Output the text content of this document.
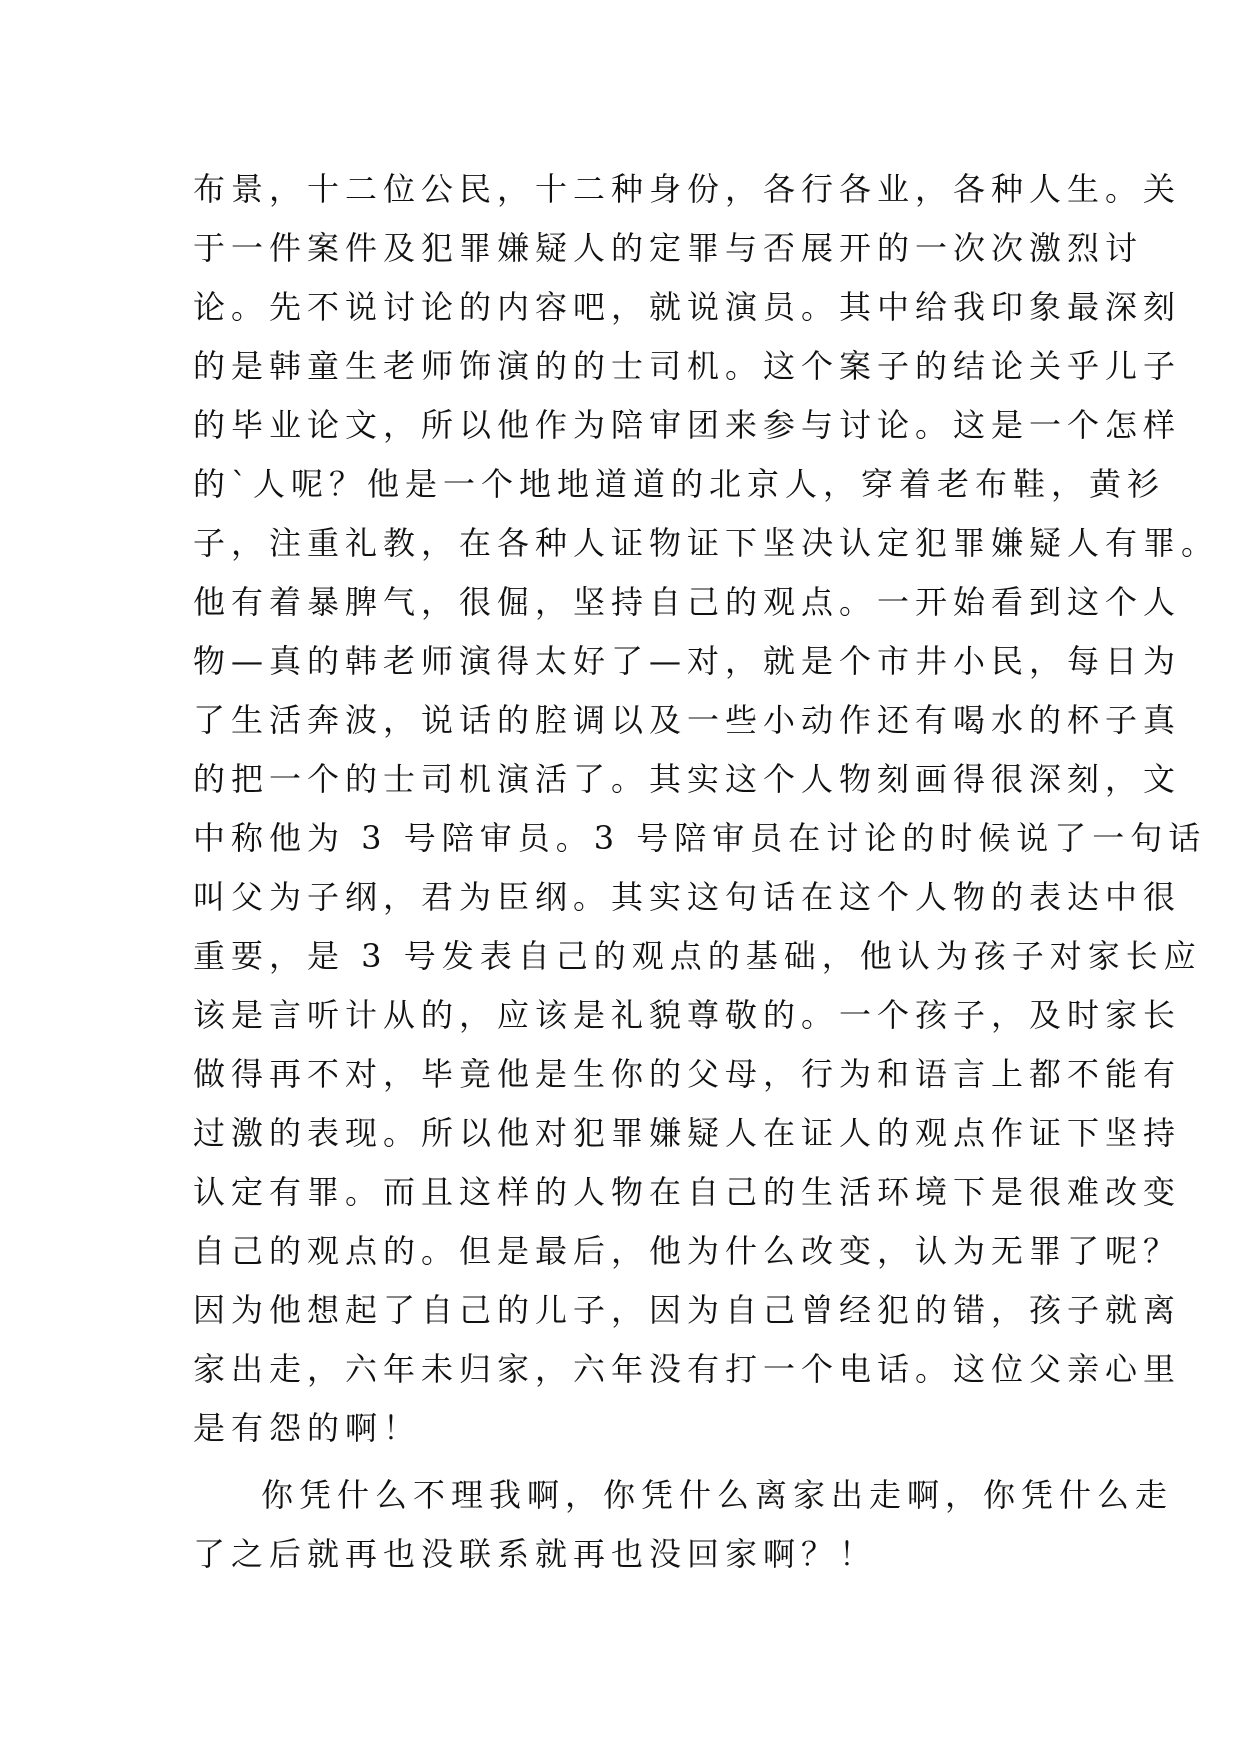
布景，十二位公民，十二种身份，各行各业，各种人生。关
于一件案件及犯罪嫌疑人的定罪与否展开的一次次激烈讨
论。先不说讨论的内容吧，就说演员。其中给我印象最深刻
的是韩童生老师饰演的的士司机。这个案子的结论关乎儿子
的毕业论文，所以他作为陪审团来参与讨论。这是一个怎样
的`人呢？他是一个地地道道的北京人，穿着老布鞋，黄衫
子，注重礼教，在各种人证物证下坚决认定犯罪嫌疑人有罪。
他有着暴脾气，很倔，坚持自己的观点。一开始看到这个人
物—真的韩老师演得太好了—对，就是个市井小民，每日为
了生活奔波，说话的腔调以及一些小动作还有喝水的杯子真
的把一个的士司机演活了。其实这个人物刻画得很深刻，文
中称他为 3 号陪审员。3 号陪审员在讨论的时候说了一句话
叫父为子纲，君为臣纲。其实这句话在这个人物的表达中很
重要，是 3 号发表自己的观点的基础，他认为孩子对家长应
该是言听计从的，应该是礼貌尊敬的。一个孩子，及时家长
做得再不对，毕竟他是生你的父母，行为和语言上都不能有
过激的表现。所以他对犯罪嫌疑人在证人的观点作证下坚持
认定有罪。而且这样的人物在自己的生活环境下是很难改变
自己的观点的。但是最后，他为什么改变，认为无罪了呢？
因为他想起了自己的儿子，因为自己曾经犯的错，孩子就离
家出走，六年未归家，六年没有打一个电话。这位父亲心里
是有怨的啊！
你凭什么不理我啊，你凭什么离家出走啊，你凭什么走
了之后就再也没联系就再也没回家啊？！
